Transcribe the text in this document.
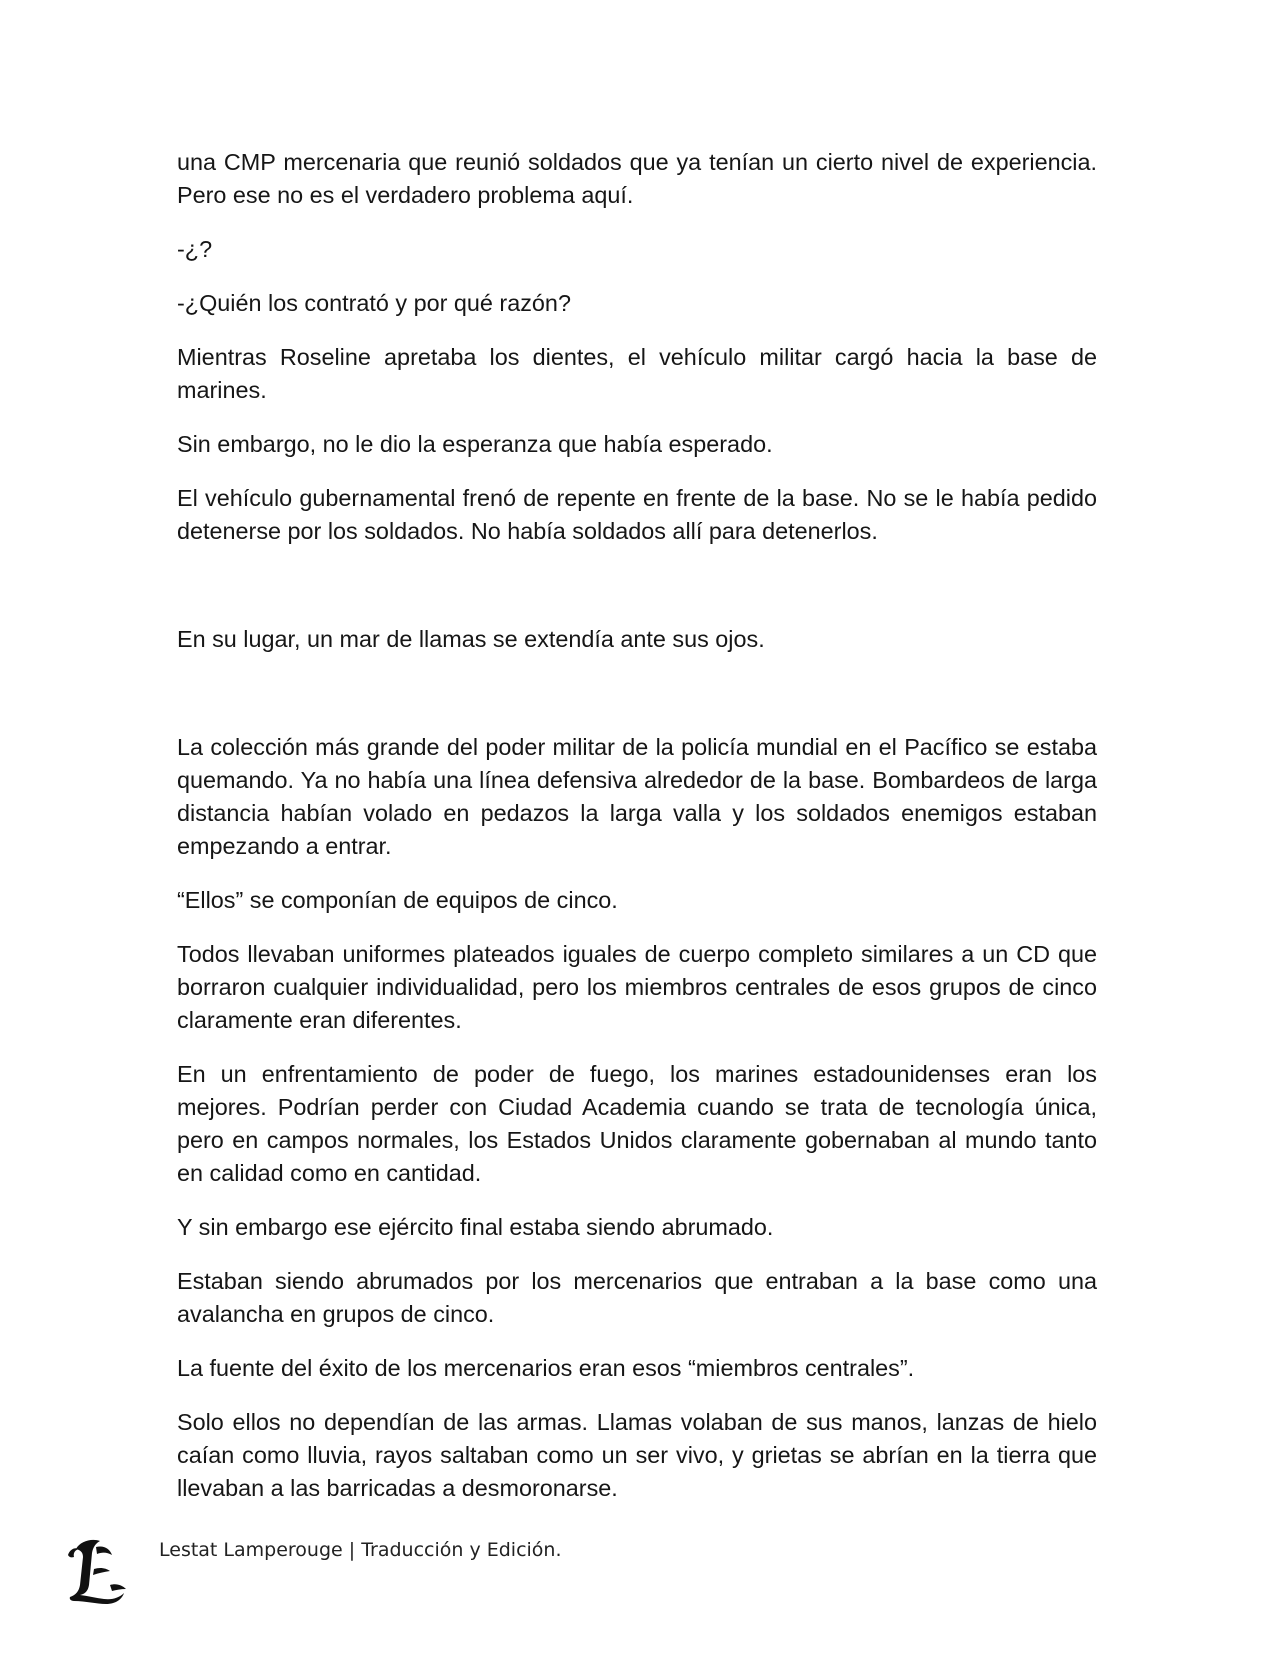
una CMP mercenaria que reunió soldados que ya tenían un cierto nivel de experiencia. Pero ese no es el verdadero problema aquí.

-¿?

-¿Quién los contrató y por qué razón?

Mientras Roseline apretaba los dientes, el vehículo militar cargó hacia la base de marines.

Sin embargo, no le dio la esperanza que había esperado.

El vehículo gubernamental frenó de repente en frente de la base. No se le había pedido detenerse por los soldados. No había soldados allí para detenerlos.

En su lugar, un mar de llamas se extendía ante sus ojos.

La colección más grande del poder militar de la policía mundial en el Pacífico se estaba quemando. Ya no había una línea defensiva alrededor de la base. Bombardeos de larga distancia habían volado en pedazos la larga valla y los soldados enemigos estaban empezando a entrar.

“Ellos” se componían de equipos de cinco.

Todos llevaban uniformes plateados iguales de cuerpo completo similares a un CD que borraron cualquier individualidad, pero los miembros centrales de esos grupos de cinco claramente eran diferentes.

En un enfrentamiento de poder de fuego, los marines estadounidenses eran los mejores. Podrían perder con Ciudad Academia cuando se trata de tecnología única, pero en campos normales, los Estados Unidos claramente gobernaban al mundo tanto en calidad como en cantidad.

Y sin embargo ese ejército final estaba siendo abrumado.

Estaban siendo abrumados por los mercenarios que entraban a la base como una avalancha en grupos de cinco.

La fuente del éxito de los mercenarios eran esos “miembros centrales”.

Solo ellos no dependían de las armas. Llamas volaban de sus manos, lanzas de hielo caían como lluvia, rayos saltaban como un ser vivo, y grietas se abrían en la tierra que llevaban a las barricadas a desmoronarse.

Lestat Lamperouge | Traducción y Edición.
